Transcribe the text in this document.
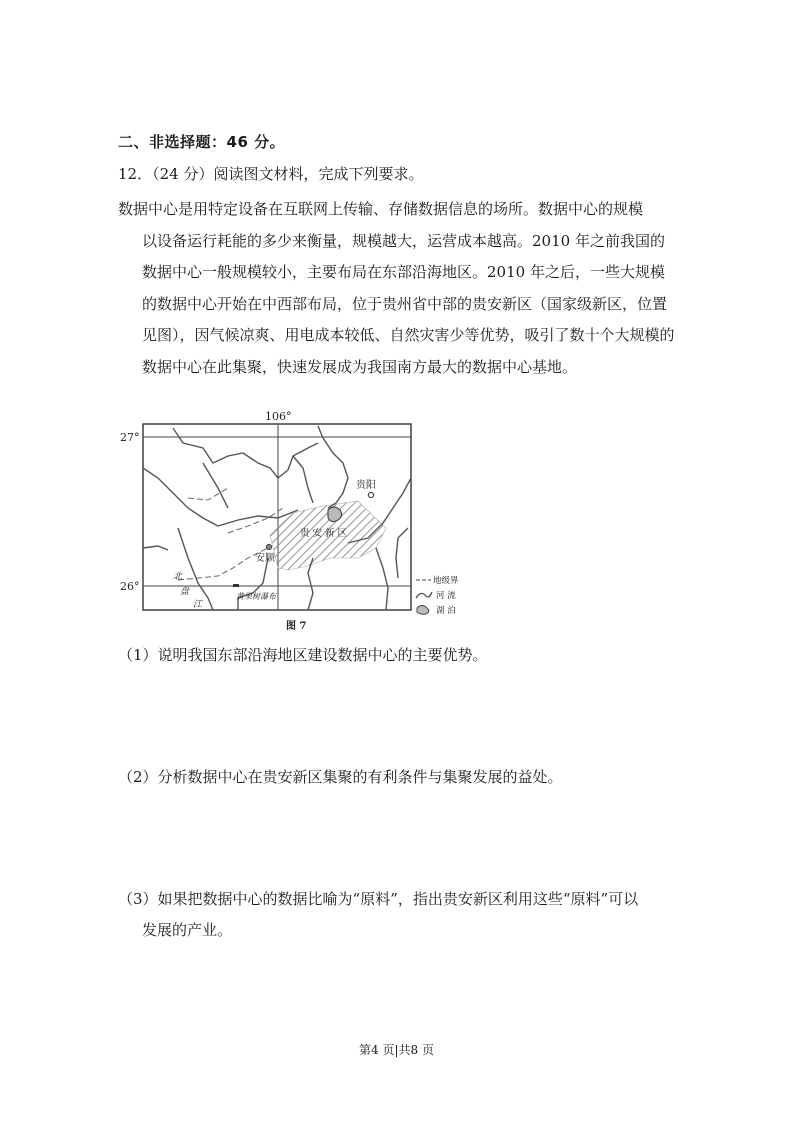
二、非选择题：46 分。
12．（24 分）阅读图文材料，完成下列要求。
数据中心是用特定设备在互联网上传输、存储数据信息的场所。数据中心的规模
以设备运行耗能的多少来衡量，规模越大，运营成本越高。2010 年之前我国的数据中心一般规模较小，主要布局在东部沿海地区。2010 年之后，一些大规模的数据中心开始在中西部布局，位于贵州省中部的贵安新区（国家级新区，位置见图），因气候凉爽、用电成本较低、自然灾害少等优势，吸引了数十个大规模的数据中心在此集聚，快速发展成为我国南方最大的数据中心基地。
106°
27°
26°
贵阳
安顺
贵 安 新 区
北
盘
江
黄果树瀑布
地级界
河 流
湖 泊
图 7
（1）说明我国东部沿海地区建设数据中心的主要优势。
（2）分析数据中心在贵安新区集聚的有利条件与集聚发展的益处。
（3）如果把数据中心的数据比喻为“原料”，指出贵安新区利用这些“原料”可以
发展的产业。
第4 页|共8 页
